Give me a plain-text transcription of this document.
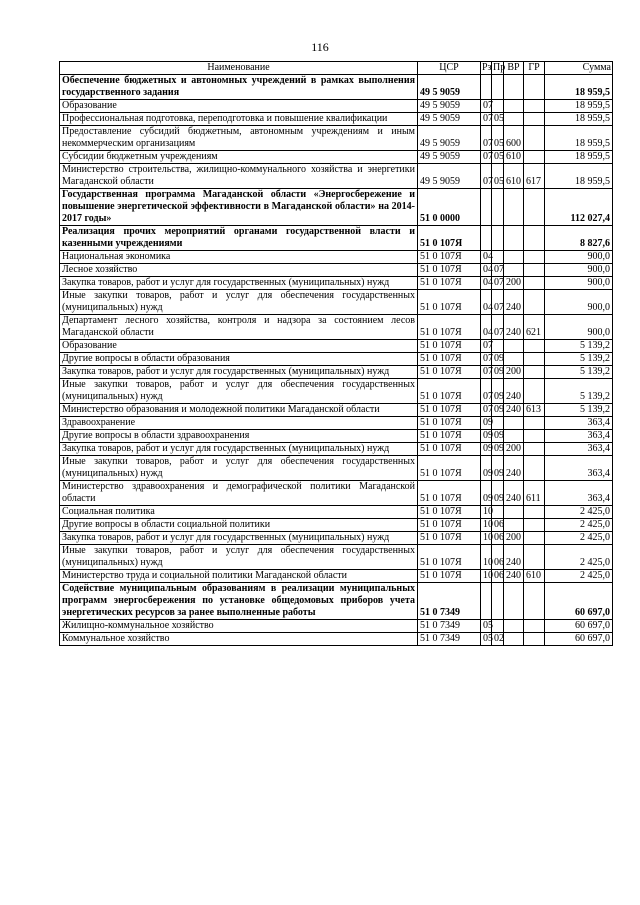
116
Наименование	ЦСР	Рз	Пр	ВР	ГР	Сумма
Обеспечение бюджетных и автономных учреждений в рамках выполнения государственного задания	49 5 9059					18 959,5
Образование	49 5 9059	07				18 959,5
Профессиональная подготовка, переподготовка и повышение квалификации	49 5 9059	07	05			18 959,5
Предоставление субсидий бюджетным, автономным учреждениям и иным некоммерческим организациям	49 5 9059	07	05	600		18 959,5
Субсидии бюджетным учреждениям	49 5 9059	07	05	610		18 959,5
Министерство строительства, жилищно-коммунального хозяйства и энергетики Магаданской области	49 5 9059	07	05	610	617	18 959,5
Государственная программа Магаданской области «Энергосбережение и повышение энергетической эффективности в Магаданской области» на 2014-2017 годы»	51 0 0000					112 027,4
Реализация прочих мероприятий органами государственной власти и казенными учреждениями	51 0 107Я					8 827,6
Национальная экономика	51 0 107Я	04				900,0
Лесное хозяйство	51 0 107Я	04	07			900,0
Закупка товаров, работ и услуг для государственных (муниципальных) нужд	51 0 107Я	04	07	200		900,0
Иные закупки товаров, работ и услуг для обеспечения государственных (муниципальных) нужд	51 0 107Я	04	07	240		900,0
Департамент лесного хозяйства, контроля и надзора за состоянием лесов Магаданской области	51 0 107Я	04	07	240	621	900,0
Образование	51 0 107Я	07				5 139,2
Другие вопросы в области образования	51 0 107Я	07	09			5 139,2
Закупка товаров, работ и услуг для государственных (муниципальных) нужд	51 0 107Я	07	09	200		5 139,2
Иные закупки товаров, работ и услуг для обеспечения государственных (муниципальных) нужд	51 0 107Я	07	09	240		5 139,2
Министерство образования и молодежной политики Магаданской области	51 0 107Я	07	09	240	613	5 139,2
Здравоохранение	51 0 107Я	09				363,4
Другие вопросы в области здравоохранения	51 0 107Я	09	09			363,4
Закупка товаров, работ и услуг для государственных (муниципальных) нужд	51 0 107Я	09	09	200		363,4
Иные закупки товаров, работ и услуг для обеспечения государственных (муниципальных) нужд	51 0 107Я	09	09	240		363,4
Министерство здравоохранения и демографической политики Магаданской области	51 0 107Я	09	09	240	611	363,4
Социальная политика	51 0 107Я	10				2 425,0
Другие вопросы в области социальной политики	51 0 107Я	10	06			2 425,0
Закупка товаров, работ и услуг для государственных (муниципальных) нужд	51 0 107Я	10	06	200		2 425,0
Иные закупки товаров, работ и услуг для обеспечения государственных (муниципальных) нужд	51 0 107Я	10	06	240		2 425,0
Министерство труда и социальной политики Магаданской области	51 0 107Я	10	06	240	610	2 425,0
Содействие муниципальным образованиям в реализации муниципальных программ энергосбережения по установке общедомовых приборов учета энергетических ресурсов за ранее выполненные работы	51 0 7349					60 697,0
Жилищно-коммунальное хозяйство	51 0 7349	05				60 697,0
Коммунальное хозяйство	51 0 7349	05	02			60 697,0
